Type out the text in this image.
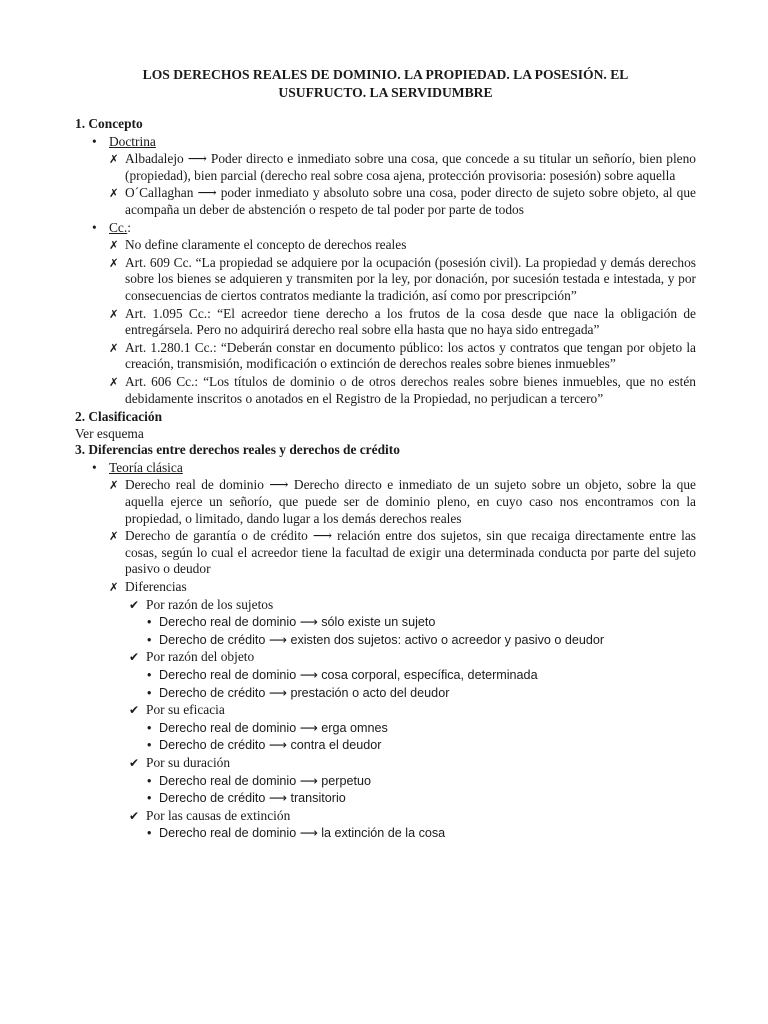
LOS DERECHOS REALES DE DOMINIO. LA PROPIEDAD. LA POSESIÓN. EL
USUFRUCTO. LA SERVIDUMBRE

1. Concepto

• Doctrina
✗ Albadalejo ⟶ Poder directo e inmediato sobre una cosa, que concede a su titular un señorío, bien pleno (propiedad), bien parcial (derecho real sobre cosa ajena, protección provisoria: posesión) sobre aquella
✗ O´Callaghan ⟶ poder inmediato y absoluto sobre una cosa, poder directo de sujeto sobre objeto, al que acompaña un deber de abstención o respeto de tal poder por parte de todos
• Cc.:
✗ No define claramente el concepto de derechos reales
✗ Art. 609 Cc. “La propiedad se adquiere por la ocupación (posesión civil). La propiedad y demás derechos sobre los bienes se adquieren y transmiten por la ley, por donación, por sucesión testada e intestada, y por consecuencias de ciertos contratos mediante la tradición, así como por prescripción”
✗ Art. 1.095 Cc.: “El acreedor tiene derecho a los frutos de la cosa desde que nace la obligación de entregársela. Pero no adquirirá derecho real sobre ella hasta que no haya sido entregada”
✗ Art. 1.280.1 Cc.: “Deberán constar en documento público: los actos y contratos que tengan por objeto la creación, transmisión, modificación o extinción de derechos reales sobre bienes inmuebles”
✗ Art. 606 Cc.: “Los títulos de dominio o de otros derechos reales sobre bienes inmuebles, que no estén debidamente inscritos o anotados en el Registro de la Propiedad, no perjudican a tercero”

2. Clasificación

Ver esquema

3. Diferencias entre derechos reales y derechos de crédito

• Teoría clásica
✗ Derecho real de dominio ⟶ Derecho directo e inmediato de un sujeto sobre un objeto, sobre la que aquella ejerce un señorío, que puede ser de dominio pleno, en cuyo caso nos encontramos con la propiedad, o limitado, dando lugar a los demás derechos reales
✗ Derecho de garantía o de crédito ⟶ relación entre dos sujetos, sin que recaiga directamente entre las cosas, según lo cual el acreedor tiene la facultad de exigir una determinada conducta por parte del sujeto pasivo o deudor
✗ Diferencias
✔ Por razón de los sujetos
• Derecho real de dominio ⟶ sólo existe un sujeto
• Derecho de crédito ⟶ existen dos sujetos: activo o acreedor y pasivo o deudor
✔ Por razón del objeto
• Derecho real de dominio ⟶ cosa corporal, específica, determinada
• Derecho de crédito ⟶ prestación o acto del deudor
✔ Por su eficacia
• Derecho real de dominio ⟶ erga omnes
• Derecho de crédito ⟶ contra el deudor
✔ Por su duración
• Derecho real de dominio ⟶ perpetuo
• Derecho de crédito ⟶ transitorio
✔ Por las causas de extinción
• Derecho real de dominio ⟶ la extinción de la cosa
